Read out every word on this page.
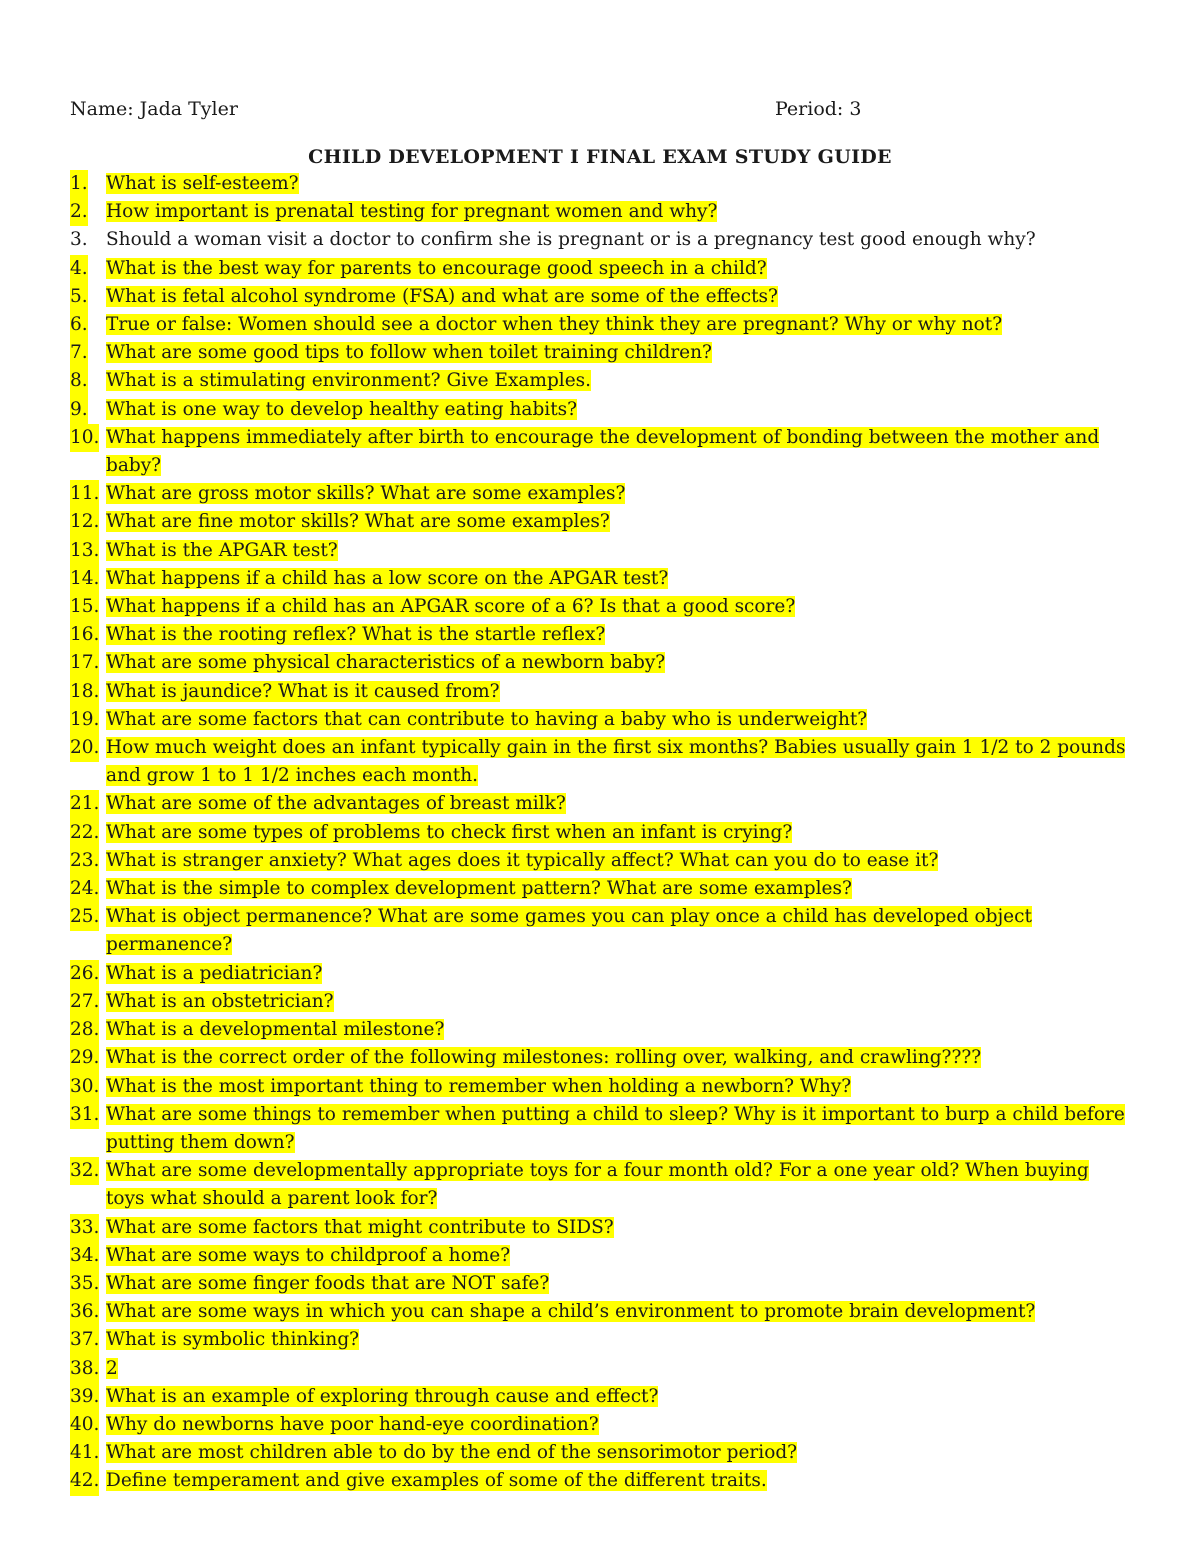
Name: Jada Tyler	Period: 3
CHILD DEVELOPMENT I FINAL EXAM STUDY GUIDE
1. What is self-esteem?
2. How important is prenatal testing for pregnant women and why?
3. Should a woman visit a doctor to confirm she is pregnant or is a pregnancy test good enough why?
4. What is the best way for parents to encourage good speech in a child?
5. What is fetal alcohol syndrome (FSA) and what are some of the effects?
6. True or false: Women should see a doctor when they think they are pregnant? Why or why not?
7. What are some good tips to follow when toilet training children?
8. What is a stimulating environment? Give Examples.
9. What is one way to develop healthy eating habits?
10. What happens immediately after birth to encourage the development of bonding between the mother and baby?
11. What are gross motor skills? What are some examples?
12. What are fine motor skills? What are some examples?
13. What is the APGAR test?
14. What happens if a child has a low score on the APGAR test?
15. What happens if a child has an APGAR score of a 6? Is that a good score?
16. What is the rooting reflex? What is the startle reflex?
17. What are some physical characteristics of a newborn baby?
18. What is jaundice? What is it caused from?
19. What are some factors that can contribute to having a baby who is underweight?
20. How much weight does an infant typically gain in the first six months? Babies usually gain 1 1/2 to 2 pounds and grow 1 to 1 1/2 inches each month.
21. What are some of the advantages of breast milk?
22. What are some types of problems to check first when an infant is crying?
23. What is stranger anxiety? What ages does it typically affect? What can you do to ease it?
24. What is the simple to complex development pattern? What are some examples?
25. What is object permanence? What are some games you can play once a child has developed object permanence?
26. What is a pediatrician?
27. What is an obstetrician?
28. What is a developmental milestone?
29. What is the correct order of the following milestones: rolling over, walking, and crawling????
30. What is the most important thing to remember when holding a newborn? Why?
31. What are some things to remember when putting a child to sleep? Why is it important to burp a child before putting them down?
32. What are some developmentally appropriate toys for a four month old? For a one year old? When buying toys what should a parent look for?
33. What are some factors that might contribute to SIDS?
34. What are some ways to childproof a home?
35. What are some finger foods that are NOT safe?
36. What are some ways in which you can shape a child’s environment to promote brain development?
37. What is symbolic thinking?
38. 2
39. What is an example of exploring through cause and effect?
40. Why do newborns have poor hand-eye coordination?
41. What are most children able to do by the end of the sensorimotor period?
42. Define temperament and give examples of some of the different traits.
